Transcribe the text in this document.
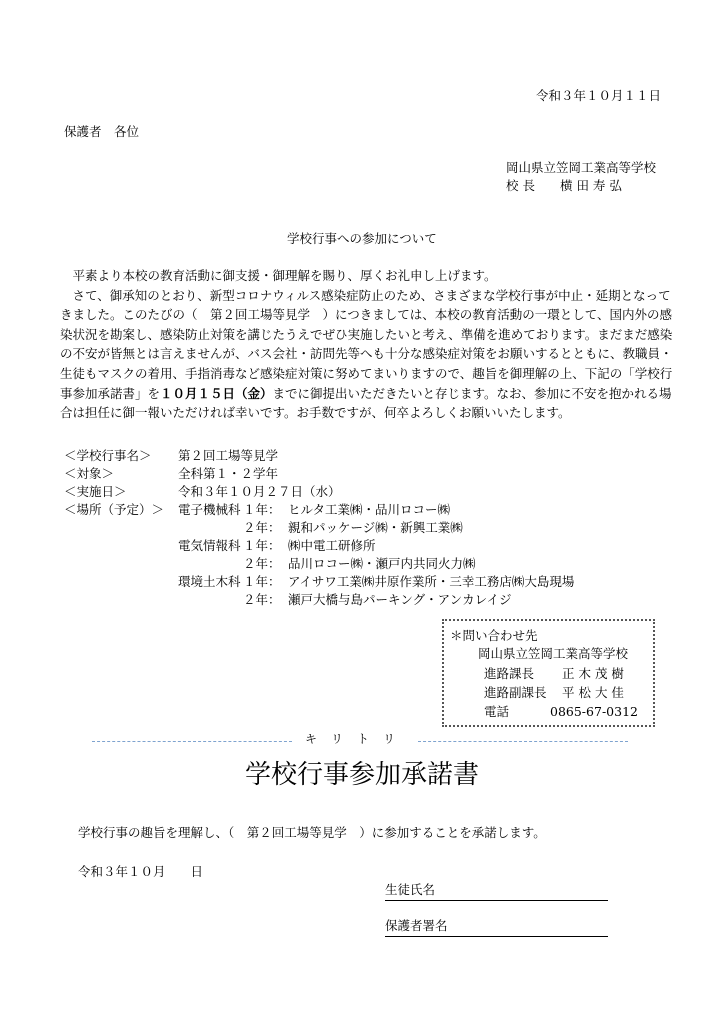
令和３年１０月１１日
保護者　各位
岡山県立笠岡工業高等学校
校 長　　横 田 寿 弘
学校行事への参加について

平素より本校の教育活動に御支援・御理解を賜り、厚くお礼申し上げます。

さて、御承知のとおり、新型コロナウィルス感染症防止のため、さまざまな学校行事が中止・延期となってきました。このたびの（　第２回工場等見学　）につきましては、本校の教育活動の一環として、国内外の感染状況を勘案し、感染防止対策を講じたうえでぜひ実施したいと考え、準備を進めております。まだまだ感染の不安が皆無とは言えませんが、バス会社・訪問先等へも十分な感染症対策をお願いするとともに、教職員・生徒もマスクの着用、手指消毒など感染症対策に努めてまいりますので、趣旨を御理解の上、下記の「学校行事参加承諾書」を１０月１５日（金）までに御提出いただきたいと存じます。なお、参加に不安を抱かれる場合は担任に御一報いただければ幸いです。お手数ですが、何卒よろしくお願いいたします。

＜学校行事名＞ 第２回工場等見学
＜対象＞	全科第１・２学年
＜実施日＞	令和３年１０月２７日（水）
＜場所（予定）＞ 電子機械科 １年： ヒルタ工業㈱・品川ロコー㈱
２年： 親和パッケージ㈱・新興工業㈱
電気情報科 １年： ㈱中電工研修所
２年： 品川ロコー㈱・瀬戸内共同火力㈱
環境土木科 １年： アイサワ工業㈱井原作業所・三幸工務店㈱大島現場
２年： 瀬戸大橋与島パーキング・アンカレイジ
＊問い合わせ先
岡山県立笠岡工業高等学校
進路課長 正 木 茂 樹
進路副課長 平 松 大 佳
電話	0865-67-0312
キリトリ
学校行事参加承諾書
学校行事の趣旨を理解し、（　第２回工場等見学　）に参加することを承諾します。
令和３年１０月　　日
生徒氏名
保護者署名
